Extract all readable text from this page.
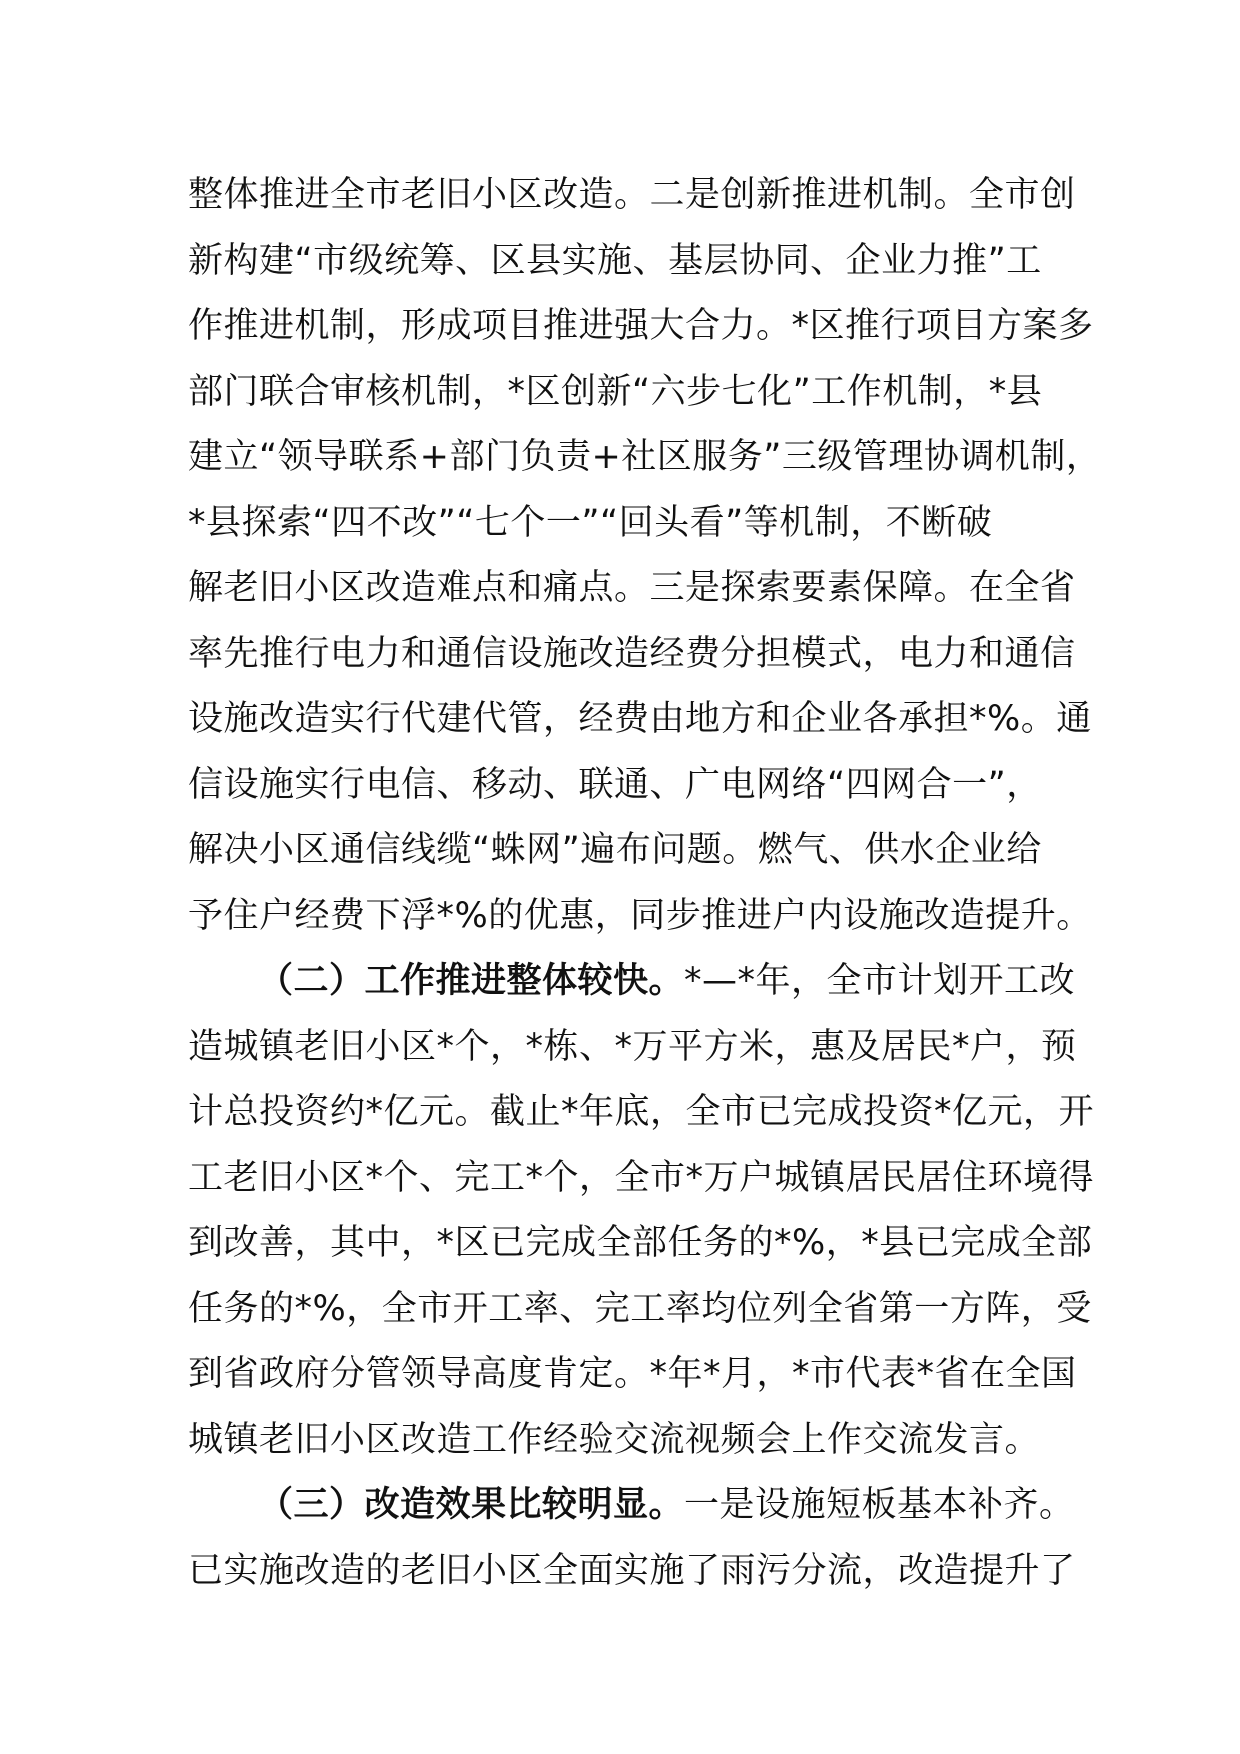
整体推进全市老旧小区改造。二是创新推进机制。全市创
新构建“市级统筹、区县实施、基层协同、企业力推”工
作推进机制，形成项目推进强大合力。*区推行项目方案多
部门联合审核机制，*区创新“六步七化”工作机制，*县
建立“领导联系+部门负责+社区服务”三级管理协调机制，
*县探索“四不改”“七个一”“回头看”等机制，不断破
解老旧小区改造难点和痛点。三是探索要素保障。在全省
率先推行电力和通信设施改造经费分担模式，电力和通信
设施改造实行代建代管，经费由地方和企业各承担*%。通
信设施实行电信、移动、联通、广电网络“四网合一”，
解决小区通信线缆“蛛网”遍布问题。燃气、供水企业给
予住户经费下浮*%的优惠，同步推进户内设施改造提升。
（二）工作推进整体较快。*—*年，全市计划开工改
造城镇老旧小区*个，*栋、*万平方米，惠及居民*户，预
计总投资约*亿元。截止*年底，全市已完成投资*亿元，开
工老旧小区*个、完工*个，全市*万户城镇居民居住环境得
到改善，其中，*区已完成全部任务的*%，*县已完成全部
任务的*%，全市开工率、完工率均位列全省第一方阵，受
到省政府分管领导高度肯定。*年*月，*市代表*省在全国
城镇老旧小区改造工作经验交流视频会上作交流发言。
（三）改造效果比较明显。一是设施短板基本补齐。
已实施改造的老旧小区全面实施了雨污分流，改造提升了
